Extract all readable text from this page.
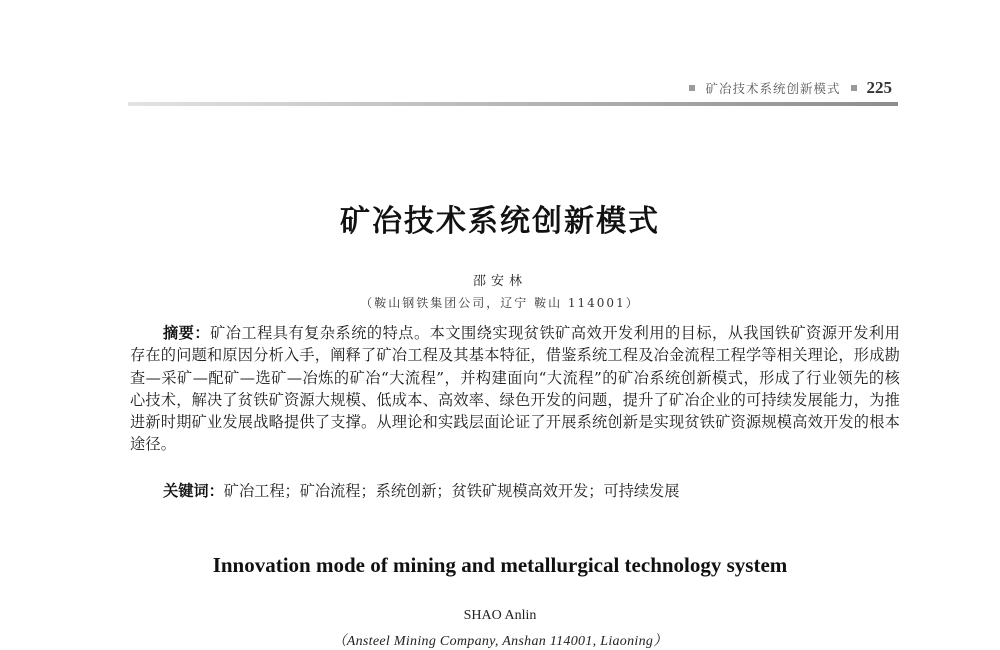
矿冶技术系统创新模式 225
矿冶技术系统创新模式
邵安林
（鞍山钢铁集团公司，辽宁 鞍山 114001）
摘要：矿冶工程具有复杂系统的特点。本文围绕实现贫铁矿高效开发利用的目标，从我国铁矿资源开发利用存在的问题和原因分析入手，阐释了矿冶工程及其基本特征，借鉴系统工程及冶金流程工程学等相关理论，形成勘查—采矿—配矿—选矿—冶炼的矿冶“大流程”，并构建面向“大流程”的矿冶系统创新模式，形成了行业领先的核心技术，解决了贫铁矿资源大规模、低成本、高效率、绿色开发的问题，提升了矿冶企业的可持续发展能力，为推进新时期矿业发展战略提供了支撑。从理论和实践层面论证了开展系统创新是实现贫铁矿资源规模高效开发的根本途径。
关键词：矿冶工程；矿冶流程；系统创新；贫铁矿规模高效开发；可持续发展
Innovation mode of mining and metallurgical technology system
SHAO Anlin
（Ansteel Mining Company, Anshan 114001, Liaoning）
